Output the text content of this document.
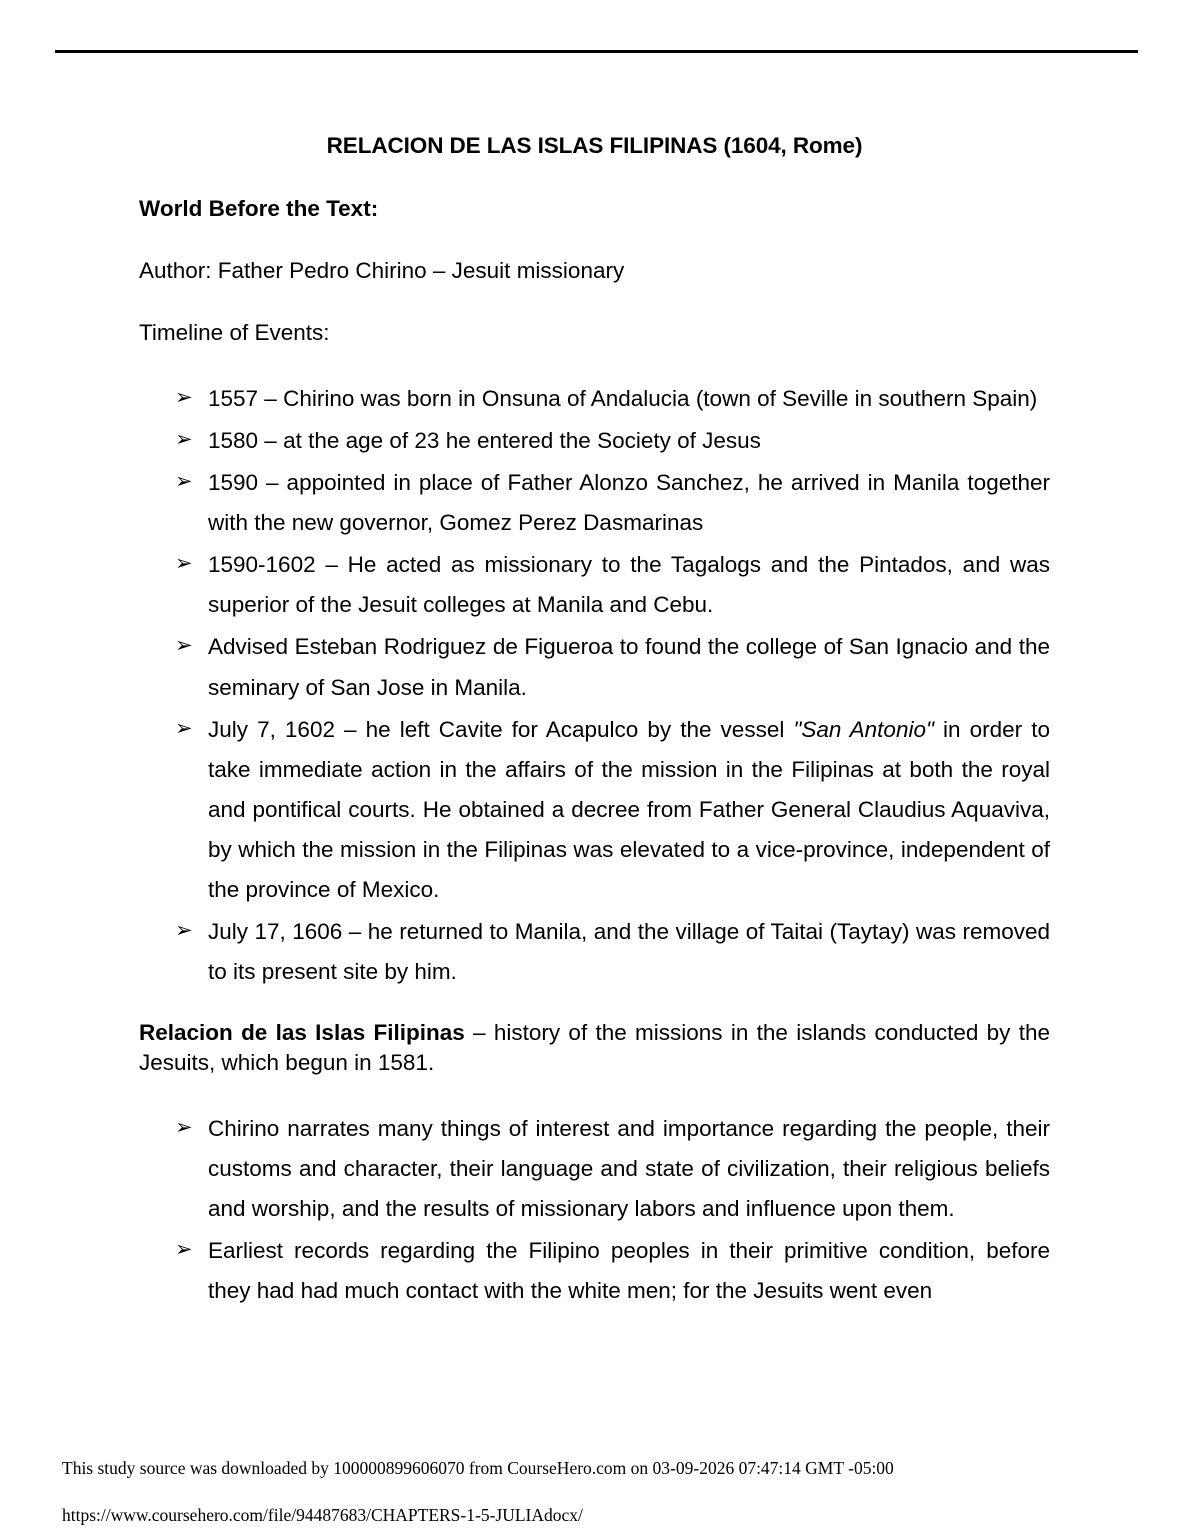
RELACION DE LAS ISLAS FILIPINAS (1604, Rome)

World Before the Text:

Author: Father Pedro Chirino – Jesuit missionary

Timeline of Events:

➢ 1557 – Chirino was born in Onsuna of Andalucia (town of Seville in southern Spain)
➢ 1580 – at the age of 23 he entered the Society of Jesus
➢ 1590 – appointed in place of Father Alonzo Sanchez, he arrived in Manila together with the new governor, Gomez Perez Dasmarinas
➢ 1590-1602 – He acted as missionary to the Tagalogs and the Pintados, and was superior of the Jesuit colleges at Manila and Cebu.
➢ Advised Esteban Rodriguez de Figueroa to found the college of San Ignacio and the seminary of San Jose in Manila.
➢ July 7, 1602 – he left Cavite for Acapulco by the vessel "San Antonio" in order to take immediate action in the affairs of the mission in the Filipinas at both the royal and pontifical courts. He obtained a decree from Father General Claudius Aquaviva, by which the mission in the Filipinas was elevated to a vice-province, independent of the province of Mexico.
➢ July 17, 1606 – he returned to Manila, and the village of Taitai (Taytay) was removed to its present site by him.

Relacion de las Islas Filipinas – history of the missions in the islands conducted by the Jesuits, which begun in 1581.

➢ Chirino narrates many things of interest and importance regarding the people, their customs and character, their language and state of civilization, their religious beliefs and worship, and the results of missionary labors and influence upon them.
➢ Earliest records regarding the Filipino peoples in their primitive condition, before they had had much contact with the white men; for the Jesuits went even
This study source was downloaded by 100000899606070 from CourseHero.com on 03-09-2026 07:47:14 GMT -05:00
https://www.coursehero.com/file/94487683/CHAPTERS-1-5-JULIAdocx/
